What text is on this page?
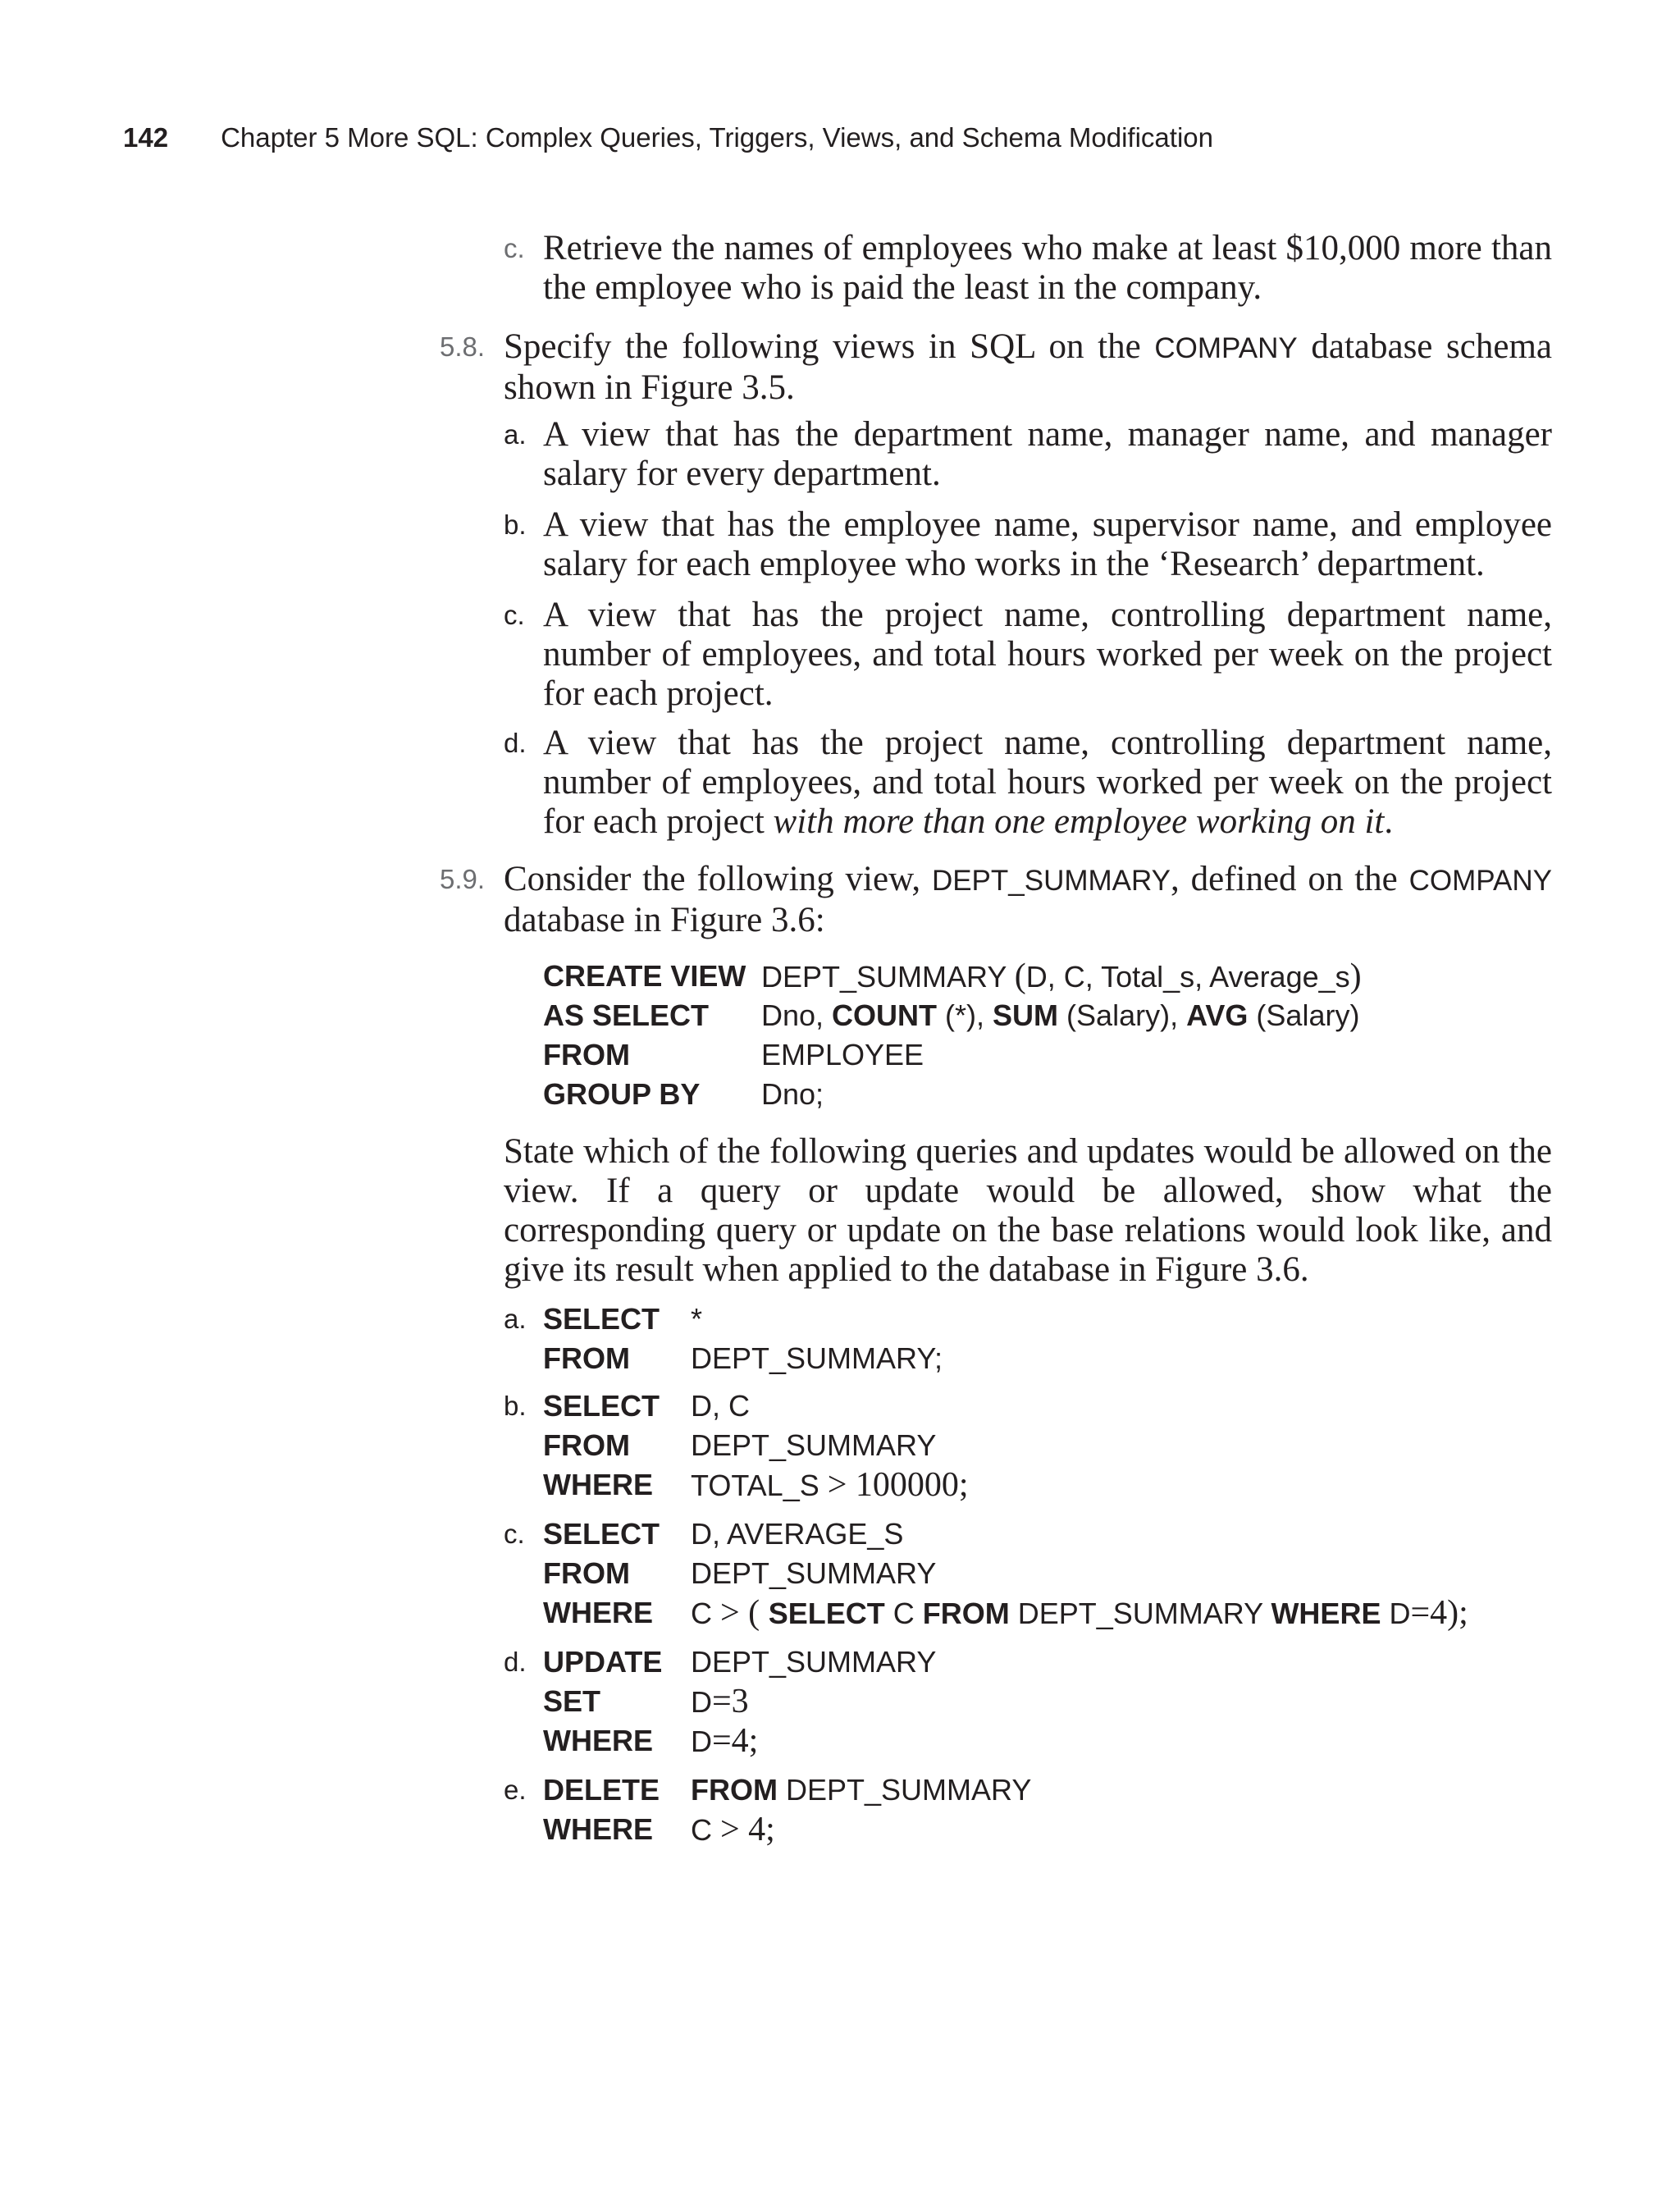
142 Chapter 5 More SQL: Complex Queries, Triggers, Views, and Schema Modification
c. Retrieve the names of employees who make at least $10,000 more than the employee who is paid the least in the company.
5.8. Specify the following views in SQL on the COMPANY database schema shown in Figure 3.5.
a. A view that has the department name, manager name, and manager salary for every department.
b. A view that has the employee name, supervisor name, and employee salary for each employee who works in the ‘Research’ department.
c. A view that has the project name, controlling department name, number of employees, and total hours worked per week on the project for each project.
d. A view that has the project name, controlling department name, number of employees, and total hours worked per week on the project for each project with more than one employee working on it.
5.9. Consider the following view, DEPT_SUMMARY, defined on the COMPANY database in Figure 3.6:
CREATE VIEW DEPT_SUMMARY (D, C, Total_s, Average_s)
AS SELECT Dno, COUNT (*), SUM (Salary), AVG (Salary)
FROM	EMPLOYEE
GROUP BY Dno;
State which of the following queries and updates would be allowed on the view. If a query or update would be allowed, show what the corresponding query or update on the base relations would look like, and give its result when applied to the database in Figure 3.6.
a. SELECT *
FROM DEPT_SUMMARY;
b. SELECT D, C
FROM DEPT_SUMMARY
WHERE TOTAL_S > 100000;
c. SELECT D, AVERAGE_S
FROM DEPT_SUMMARY
WHERE C > ( SELECT C FROM DEPT_SUMMARY WHERE D=4);
d. UPDATE DEPT_SUMMARY
SET	D=3
WHERE D=4;
e. DELETE FROM DEPT_SUMMARY
WHERE C > 4;
